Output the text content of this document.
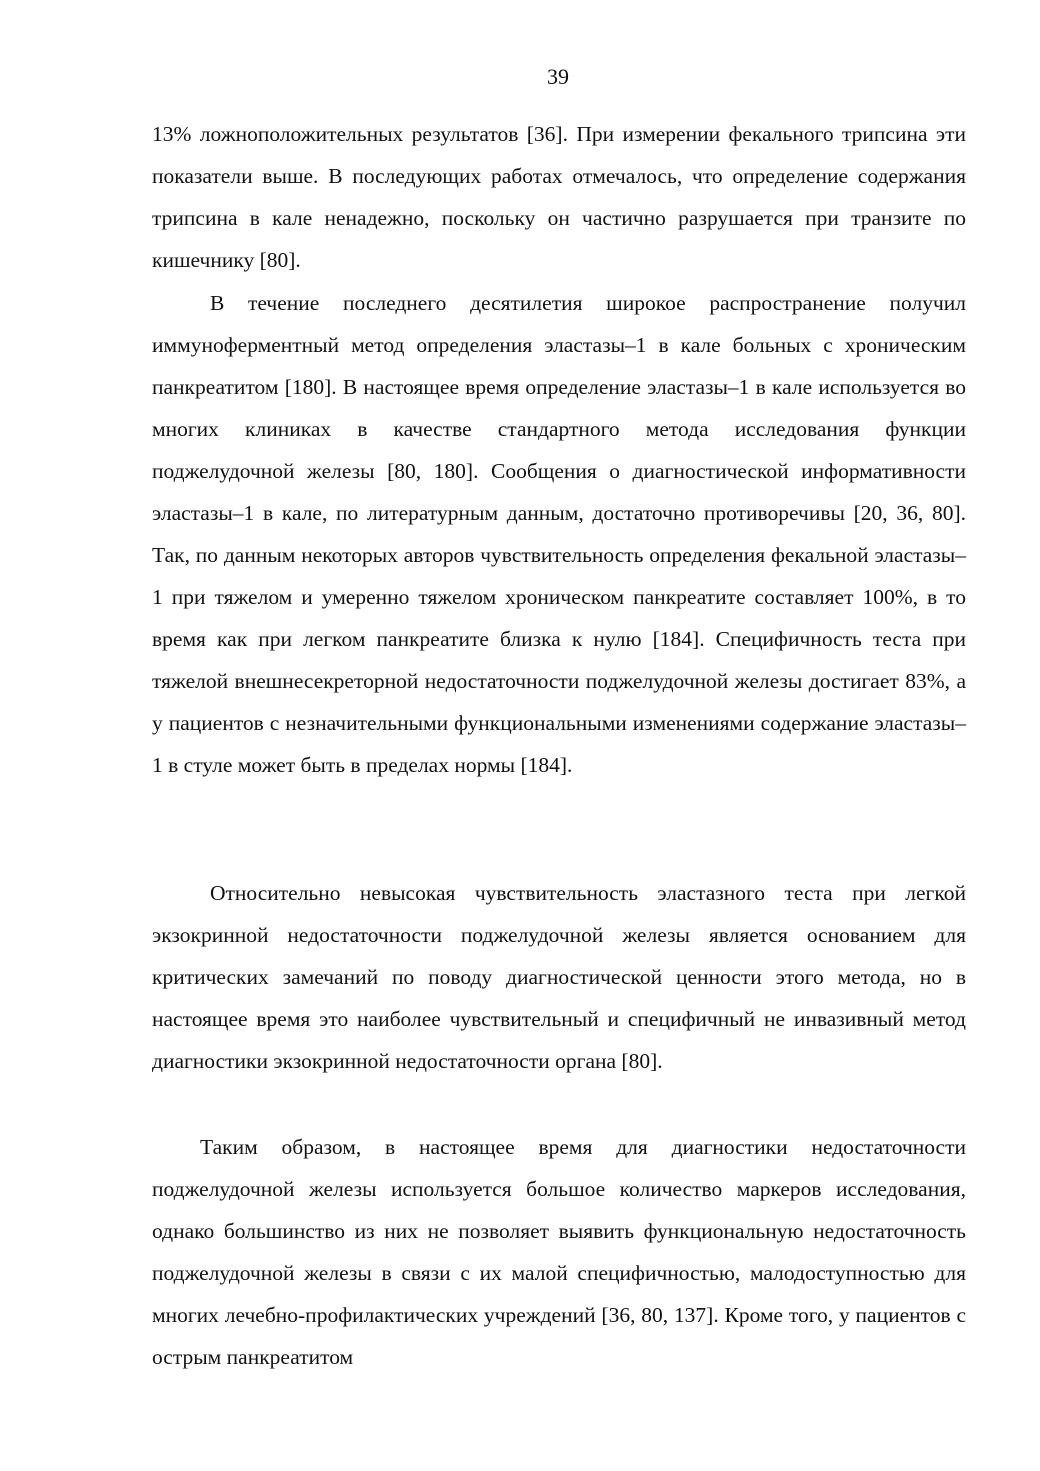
39

13% ложноположительных результатов [36]. При измерении фекального трипсина эти показатели выше. В последующих работах отмечалось, что определение содержания трипсина в кале ненадежно, поскольку он частично разрушается при транзите по кишечнику [80].

В течение последнего десятилетия широкое распространение получил иммуноферментный метод определения эластазы–1 в кале больных с хроническим панкреатитом [180]. В настоящее время определение эластазы–1 в кале используется во многих клиниках в качестве стандартного метода исследования функции поджелудочной железы [80, 180]. Сообщения о диагностической информативности эластазы–1 в кале, по литературным данным, достаточно противоречивы [20, 36, 80]. Так, по данным некоторых авторов чувствительность определения фекальной эластазы–1 при тяжелом и умеренно тяжелом хроническом панкреатите составляет 100%, в то время как при легком панкреатите близка к нулю [184]. Специфичность теста при тяжелой внешнесекреторной недостаточности поджелудочной железы достигает 83%, а у пациентов с незначительными функциональными изменениями содержание эластазы–1 в стуле может быть в пределах нормы [184].

Относительно невысокая чувствительность эластазного теста при легкой экзокринной недостаточности поджелудочной железы является основанием для критических замечаний по поводу диагностической ценности этого метода, но в настоящее время это наиболее чувствительный и специфичный не инвазивный метод диагностики экзокринной недостаточности органа [80].

Таким образом, в настоящее время для диагностики недостаточности поджелудочной железы используется большое количество маркеров исследования, однако большинство из них не позволяет выявить функциональную недостаточность поджелудочной железы в связи с их малой специфичностью, малодоступностью для многих лечебно-профилактических учреждений [36, 80, 137]. Кроме того, у пациентов с острым панкреатитом
